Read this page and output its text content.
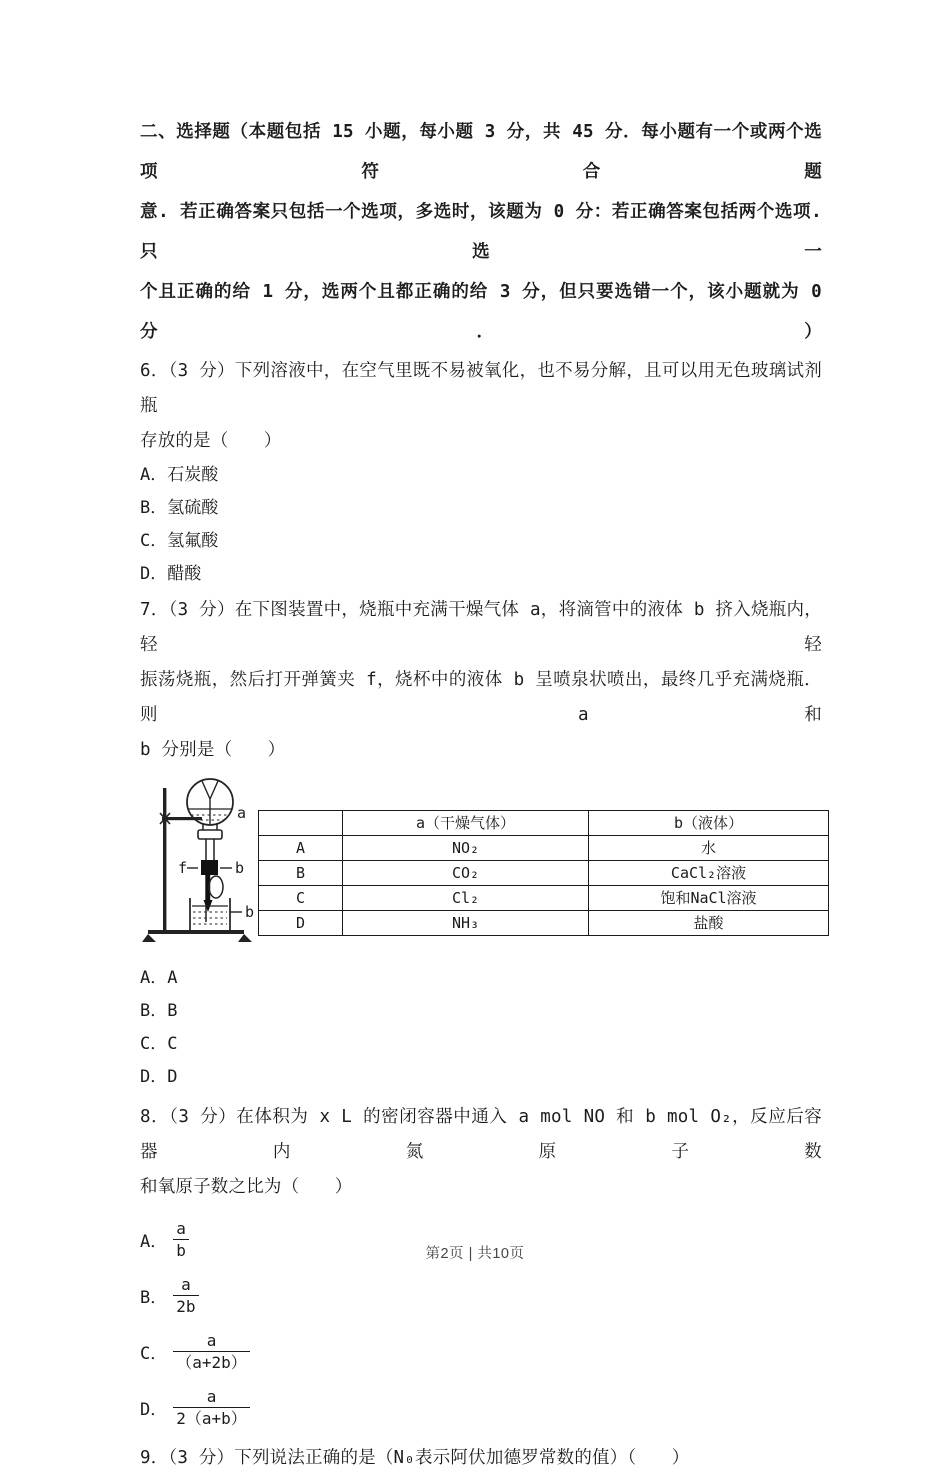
二、选择题（本题包括 15 小题，每小题 3 分，共 45 分．每小题有一个或两个选项符合题
意. 若正确答案只包括一个选项，多选时，该题为 0 分：若正确答案包括两个选项. 只选一
个且正确的给 1 分，选两个且都正确的给 3 分，但只要选错一个，该小题就为 0 分．）
6．（3 分）下列溶液中，在空气里既不易被氧化，也不易分解，且可以用无色玻璃试剂瓶
存放的是（　　）
A．石炭酸
B．氢硫酸
C．氢氟酸
D．醋酸
7．（3 分）在下图装置中，烧瓶中充满干燥气体 a，将滴管中的液体 b 挤入烧瓶内，轻轻
振荡烧瓶，然后打开弹簧夹 f，烧杯中的液体 b 呈喷泉状喷出，最终几乎充满烧瓶．则 a 和
b 分别是（　　）
a
f	b
b
	a（干燥气体）	b（液体）
A	NO₂	水
B	CO₂	CaCl₂溶液
C	Cl₂	饱和NaCl溶液
D	NH₃	盐酸
A．A
B．B
C．C
D．D
8．（3 分）在体积为 x L 的密闭容器中通入 a mol NO 和 b mol O₂，反应后容器内氮原子数
和氧原子数之比为（　　）
A． $\frac{a}{b}$
B． $\frac{a}{2b}$
C． $\frac{a}{(a+2b)}$
D． $\frac{a}{2(a+b)}$
9．（3 分）下列说法正确的是（N₀表示阿伏加德罗常数的值）（　　）
第2页 | 共10页
